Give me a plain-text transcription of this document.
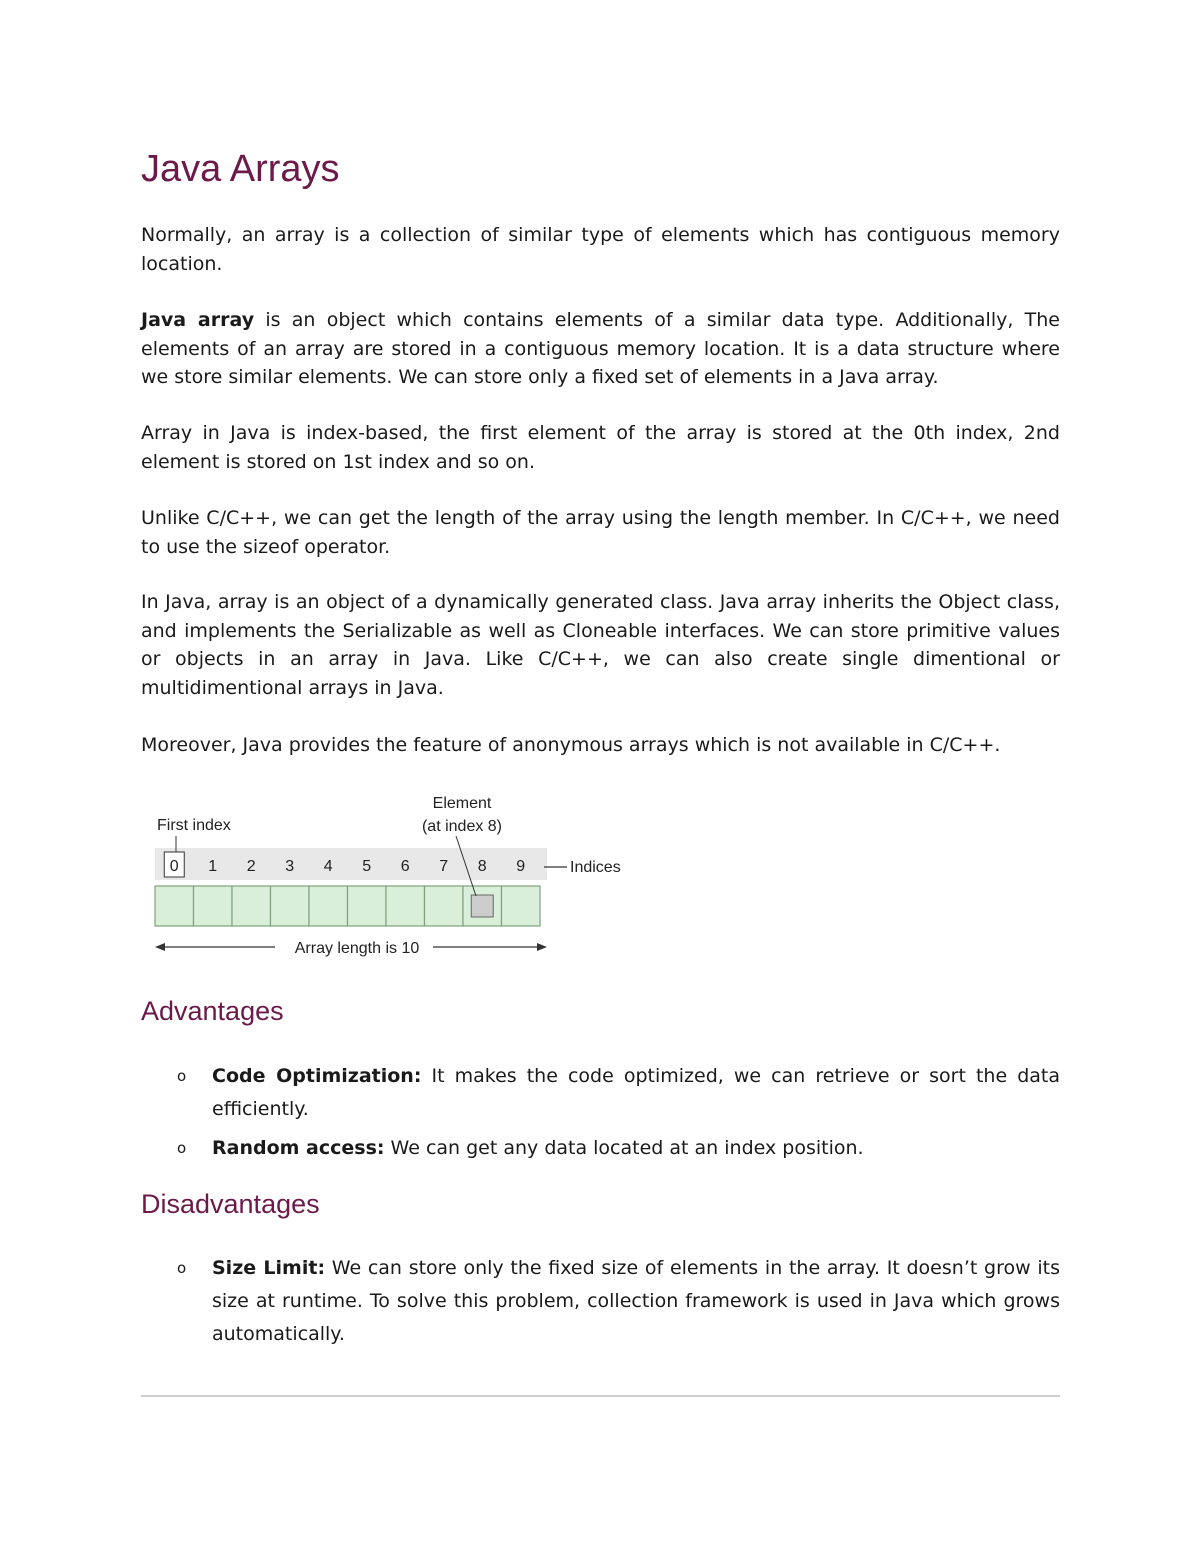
Java Arrays

Normally, an array is a collection of similar type of elements which has contiguous memory location.

Java array is an object which contains elements of a similar data type. Additionally, The elements of an array are stored in a contiguous memory location. It is a data structure where we store similar elements. We can store only a fixed set of elements in a Java array.

Array in Java is index-based, the first element of the array is stored at the 0th index, 2nd element is stored on 1st index and so on.

Unlike C/C++, we can get the length of the array using the length member. In C/C++, we need to use the sizeof operator.

In Java, array is an object of a dynamically generated class. Java array inherits the Object class, and implements the Serializable as well as Cloneable interfaces. We can store primitive values or objects in an array in Java. Like C/C++, we can also create single dimentional or multidimentional arrays in Java.

Moreover, Java provides the feature of anonymous arrays which is not available in C/C++.

Element
(at index 8)
First index
0 1 2 3 4 5 6 7 8 9	Indices
Array length is 10
Advantages
o Code Optimization: It makes the code optimized, we can retrieve or sort the data efficiently.
o Random access: We can get any data located at an index position.
Disadvantages
o Size Limit: We can store only the fixed size of elements in the array. It doesn’t grow its size at runtime. To solve this problem, collection framework is used in Java which grows automatically.
